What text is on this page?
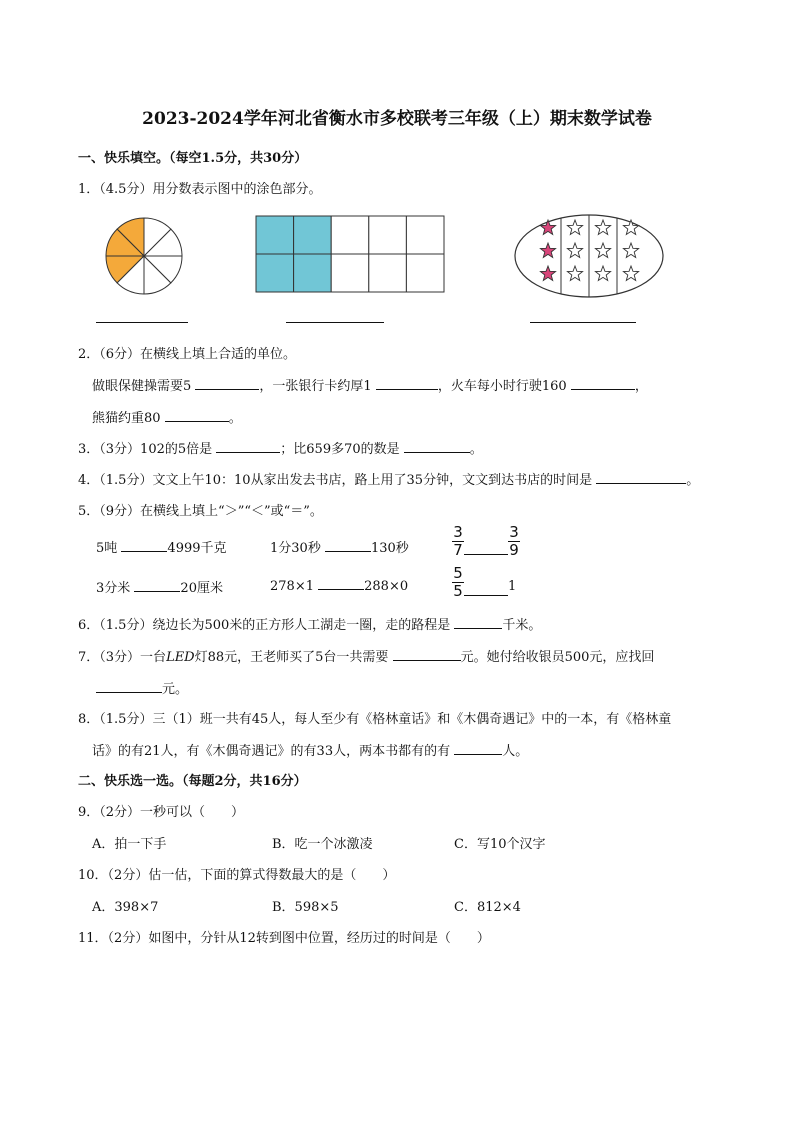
2023-2024学年河北省衡水市多校联考三年级（上）期末数学试卷
一、快乐填空。（每空1.5分，共30分）
1．（4.5分）用分数表示图中的涂色部分。
2．（6分）在横线上填上合适的单位。
做眼保健操需要5	，一张银行卡约厚1	，火车每小时行驶160	，
熊猫约重80	。
3．（3分）102的5倍是	；比659多70的数是	。
4．（1.5分）文文上午10：10从家出发去书店，路上用了35分钟，文文到达书店的时间是	。
5．（9分）在横线上填上“＞”“＜”或“＝”。
5吨	4999千克	1分30秒	130秒	$\frac{3}{7}$	$\frac{3}{9}$
3分米	20厘米	278×1	288×0	$\frac{5}{5}$	1
6．（1.5分）绕边长为500米的正方形人工湖走一圈，走的路程是	千米。
7．（3分）一台LED灯88元，王老师买了5台一共需要	元。她付给收银员500元，应找回
元。
8．（1.5分）三（1）班一共有45人，每人至少有《格林童话》和《木偶奇遇记》中的一本，有《格林童
话》的有21人，有《木偶奇遇记》的有33人，两本书都有的有	人。
二、快乐选一选。（每题2分，共16分）
9．（2分）一秒可以（　　）
A．拍一下手	B．吃一个冰激凌	C．写10个汉字
10．（2分）估一估，下面的算式得数最大的是（　　）
A．398×7	B．598×5	C．812×4
11．（2分）如图中，分针从12转到图中位置，经历过的时间是（　　）
